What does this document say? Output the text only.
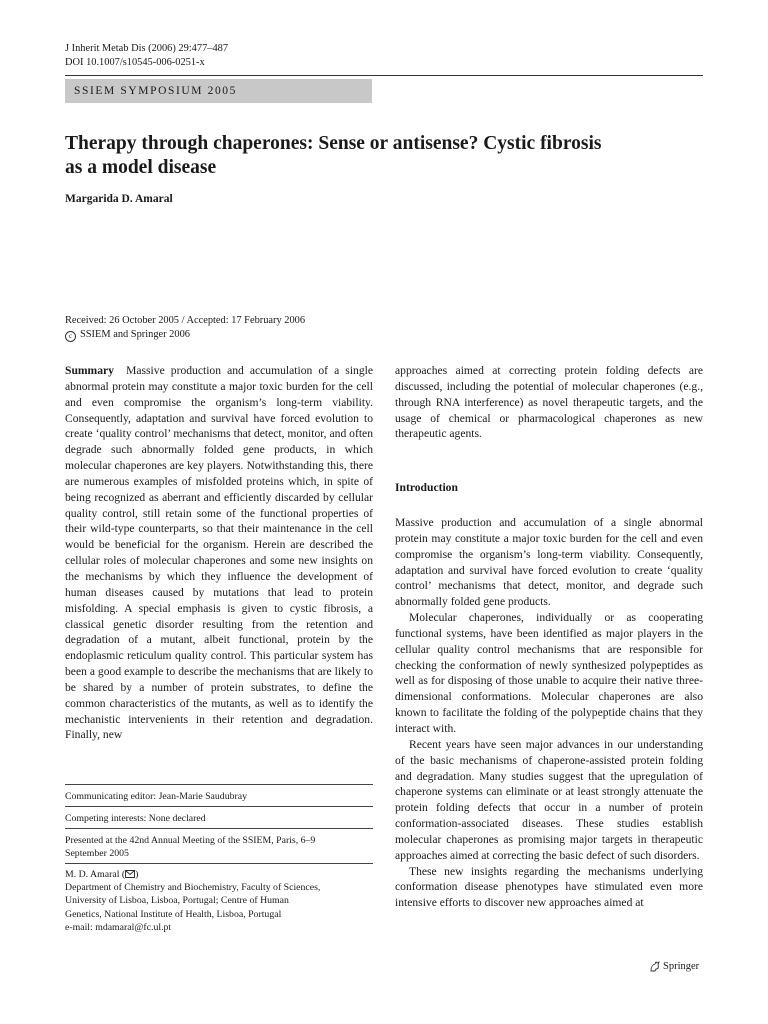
J Inherit Metab Dis (2006) 29:477–487
DOI 10.1007/s10545-006-0251-x
SSIEM SYMPOSIUM 2005
Therapy through chaperones: Sense or antisense? Cystic fibrosis
as a model disease
Margarida D. Amaral
Received: 26 October 2005 / Accepted: 17 February 2006
c SSIEM and Springer 2006

Summary Massive production and accumulation of a single abnormal protein may constitute a major toxic burden for the cell and even compromise the organism’s long-term viability. Consequently, adaptation and survival have forced evolution to create ‘quality control’ mechanisms that detect, monitor, and often degrade such abnormally folded gene products, in which molecular chaperones are key players. Notwithstanding this, there are numerous examples of misfolded proteins which, in spite of being recognized as aberrant and efficiently discarded by cellular quality control, still retain some of the functional properties of their wild-type counterparts, so that their maintenance in the cell would be beneficial for the organism. Herein are described the cellular roles of molecular chaperones and some new insights on the mechanisms by which they influence the development of human diseases caused by mutations that lead to protein misfolding. A special emphasis is given to cystic fibrosis, a classical genetic disorder resulting from the retention and degradation of a mutant, albeit functional, protein by the endoplasmic reticulum quality control. This particular system has been a good example to describe the mechanisms that are likely to be shared by a number of protein substrates, to define the common characteristics of the mutants, as well as to identify the mechanistic intervenients in their retention and degradation. Finally, new

approaches aimed at correcting protein folding defects are discussed, including the potential of molecular chaperones (e.g., through RNA interference) as novel therapeutic targets, and the usage of chemical or pharmacological chaperones as new therapeutic agents.

Introduction

Massive production and accumulation of a single abnormal protein may constitute a major toxic burden for the cell and even compromise the organism’s long-term viability. Consequently, adaptation and survival have forced evolution to create ‘quality control’ mechanisms that detect, monitor, and degrade such abnormally folded gene products.

Molecular chaperones, individually or as cooperating functional systems, have been identified as major players in the cellular quality control mechanisms that are responsible for checking the conformation of newly synthesized polypeptides as well as for disposing of those unable to acquire their native three-dimensional conformations. Molecular chaperones are also known to facilitate the folding of the polypeptide chains that they interact with.

Recent years have seen major advances in our understanding of the basic mechanisms of chaperone-assisted protein folding and degradation. Many studies suggest that the upregulation of chaperone systems can eliminate or at least strongly attenuate the protein folding defects that occur in a number of protein conformation-associated diseases. These studies establish molecular chaperones as promising major targets in therapeutic approaches aimed at correcting the basic defect of such disorders.

These new insights regarding the mechanisms underlying conformation disease phenotypes have stimulated even more intensive efforts to discover new approaches aimed at

Communicating editor: Jean-Marie Saudubray
Competing interests: None declared
Presented at the 42nd Annual Meeting of the SSIEM, Paris, 6–9
September 2005
M. D. Amaral ( )
Department of Chemistry and Biochemistry, Faculty of Sciences,
University of Lisboa, Lisboa, Portugal; Centre of Human
Genetics, National Institute of Health, Lisboa, Portugal
e-mail: mdamaral@fc.ul.pt
Springer
